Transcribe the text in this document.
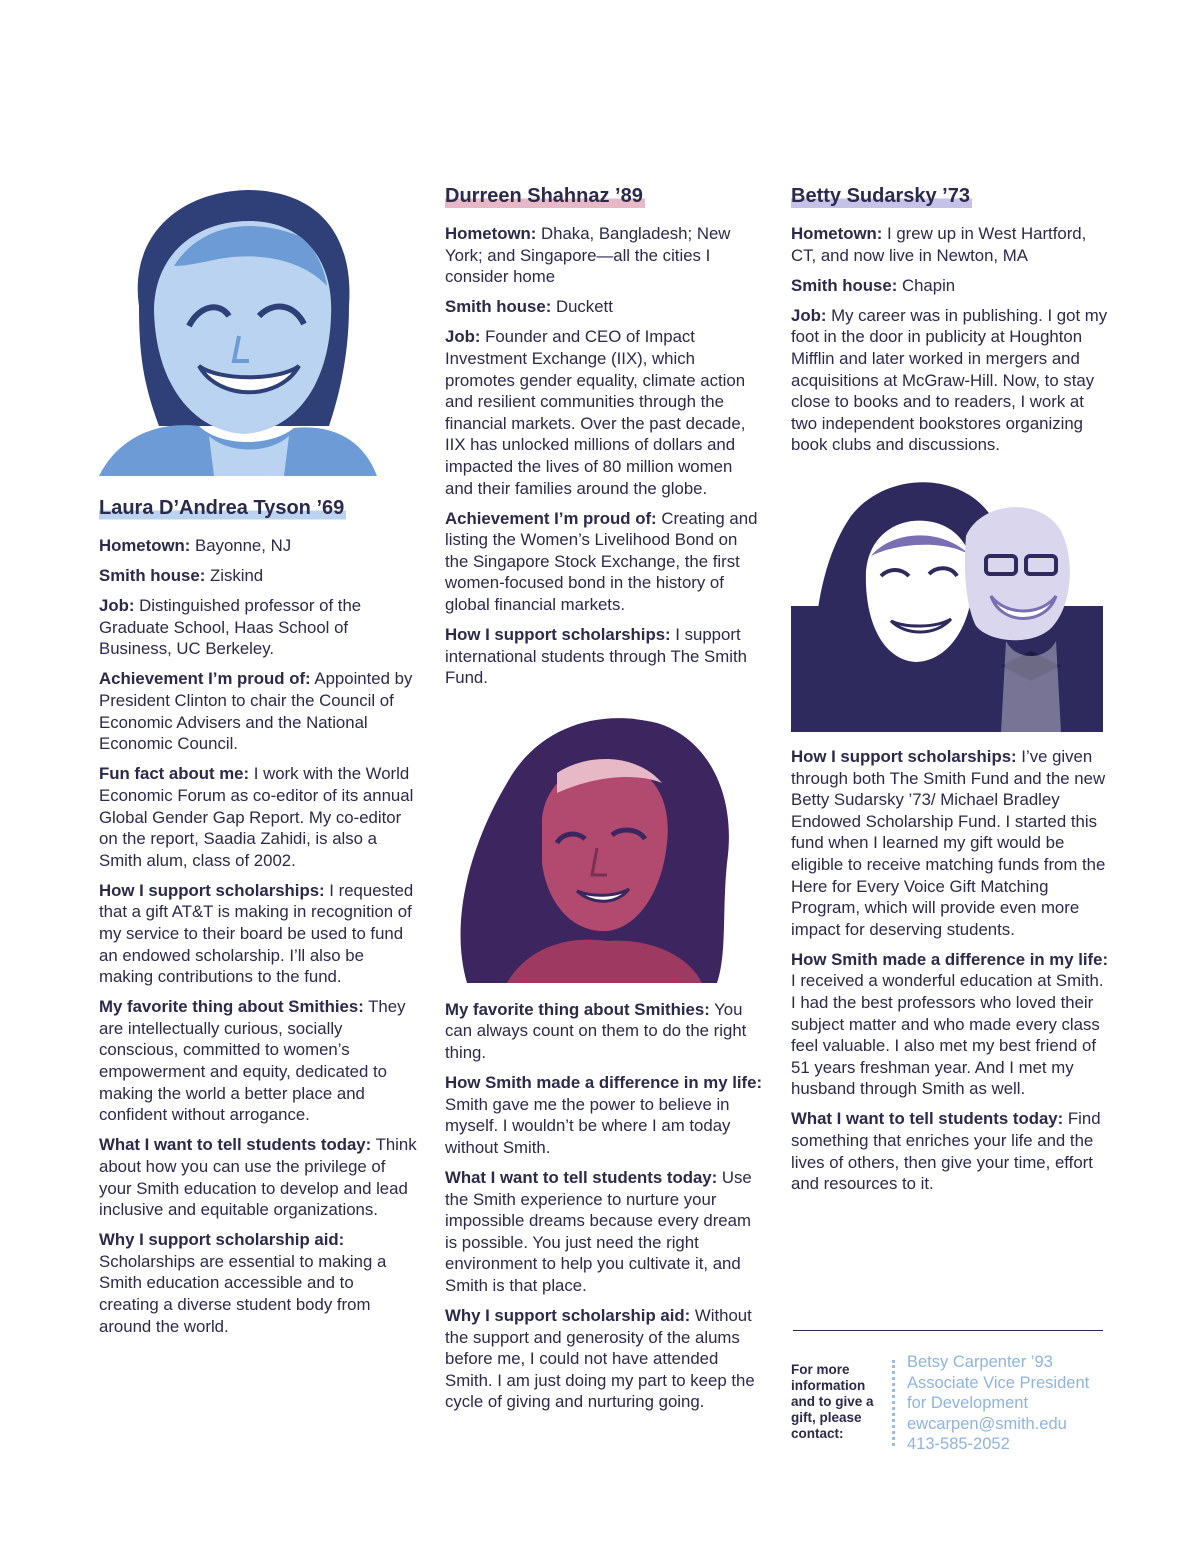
Laura D’Andrea Tyson ’69
Hometown: Bayonne, NJ
Smith house: Ziskind
Job: Distinguished professor of the Graduate School, Haas School of Business, UC Berkeley.
Achievement I’m proud of: Appointed by President Clinton to chair the Council of Economic Advisers and the National Economic Council.
Fun fact about me: I work with the World Economic Forum as co-editor of its annual Global Gender Gap Report. My co-editor on the report, Saadia Zahidi, is also a Smith alum, class of 2002.
How I support scholarships: I requested that a gift AT&T is making in recognition of my service to their board be used to fund an endowed scholarship. I’ll also be making contributions to the fund.
My favorite thing about Smithies: They are intellectually curious, socially conscious, committed to women’s empowerment and equity, dedicated to making the world a better place and confident without arrogance.
What I want to tell students today: Think about how you can use the privilege of your Smith education to develop and lead inclusive and equitable organizations.
Why I support scholarship aid: Scholarships are essential to making a Smith education accessible and to creating a diverse student body from around the world.
Durreen Shahnaz ’89
Hometown: Dhaka, Bangladesh; New York; and Singapore—all the cities I consider home
Smith house: Duckett
Job: Founder and CEO of Impact Investment Exchange (IIX), which promotes gender equality, climate action and resilient communities through the financial markets. Over the past decade, IIX has unlocked millions of dollars and impacted the lives of 80 million women and their families around the globe.
Achievement I’m proud of: Creating and listing the Women’s Livelihood Bond on the Singapore Stock Exchange, the first women-focused bond in the history of global financial markets.
How I support scholarships: I support international students through The Smith Fund.
My favorite thing about Smithies: You can always count on them to do the right thing.
How Smith made a difference in my life: Smith gave me the power to believe in myself. I wouldn’t be where I am today without Smith.
What I want to tell students today: Use the Smith experience to nurture your impossible dreams because every dream is possible. You just need the right environment to help you cultivate it, and Smith is that place.
Why I support scholarship aid: Without the support and generosity of the alums before me, I could not have attended Smith. I am just doing my part to keep the cycle of giving and nurturing going.
Betty Sudarsky ’73
Hometown: I grew up in West Hartford, CT, and now live in Newton, MA
Smith house: Chapin
Job: My career was in publishing. I got my foot in the door in publicity at Houghton Mifflin and later worked in mergers and acquisitions at McGraw-Hill. Now, to stay close to books and to readers, I work at two independent bookstores organizing book clubs and discussions.
How I support scholarships: I’ve given through both The Smith Fund and the new Betty Sudarsky ’73/ Michael Bradley Endowed Scholarship Fund. I started this fund when I learned my gift would be eligible to receive matching funds from the Here for Every Voice Gift Matching Program, which will provide even more impact for deserving students.
How Smith made a difference in my life: I received a wonderful education at Smith. I had the best professors who loved their subject matter and who made every class feel valuable. I also met my best friend of 51 years freshman year. And I met my husband through Smith as well.
What I want to tell students today: Find something that enriches your life and the lives of others, then give your time, effort and resources to it.
For more information and to give a gift, please contact:
Betsy Carpenter ’93
Associate Vice President
for Development
ewcarpen@smith.edu
413-585-2052
